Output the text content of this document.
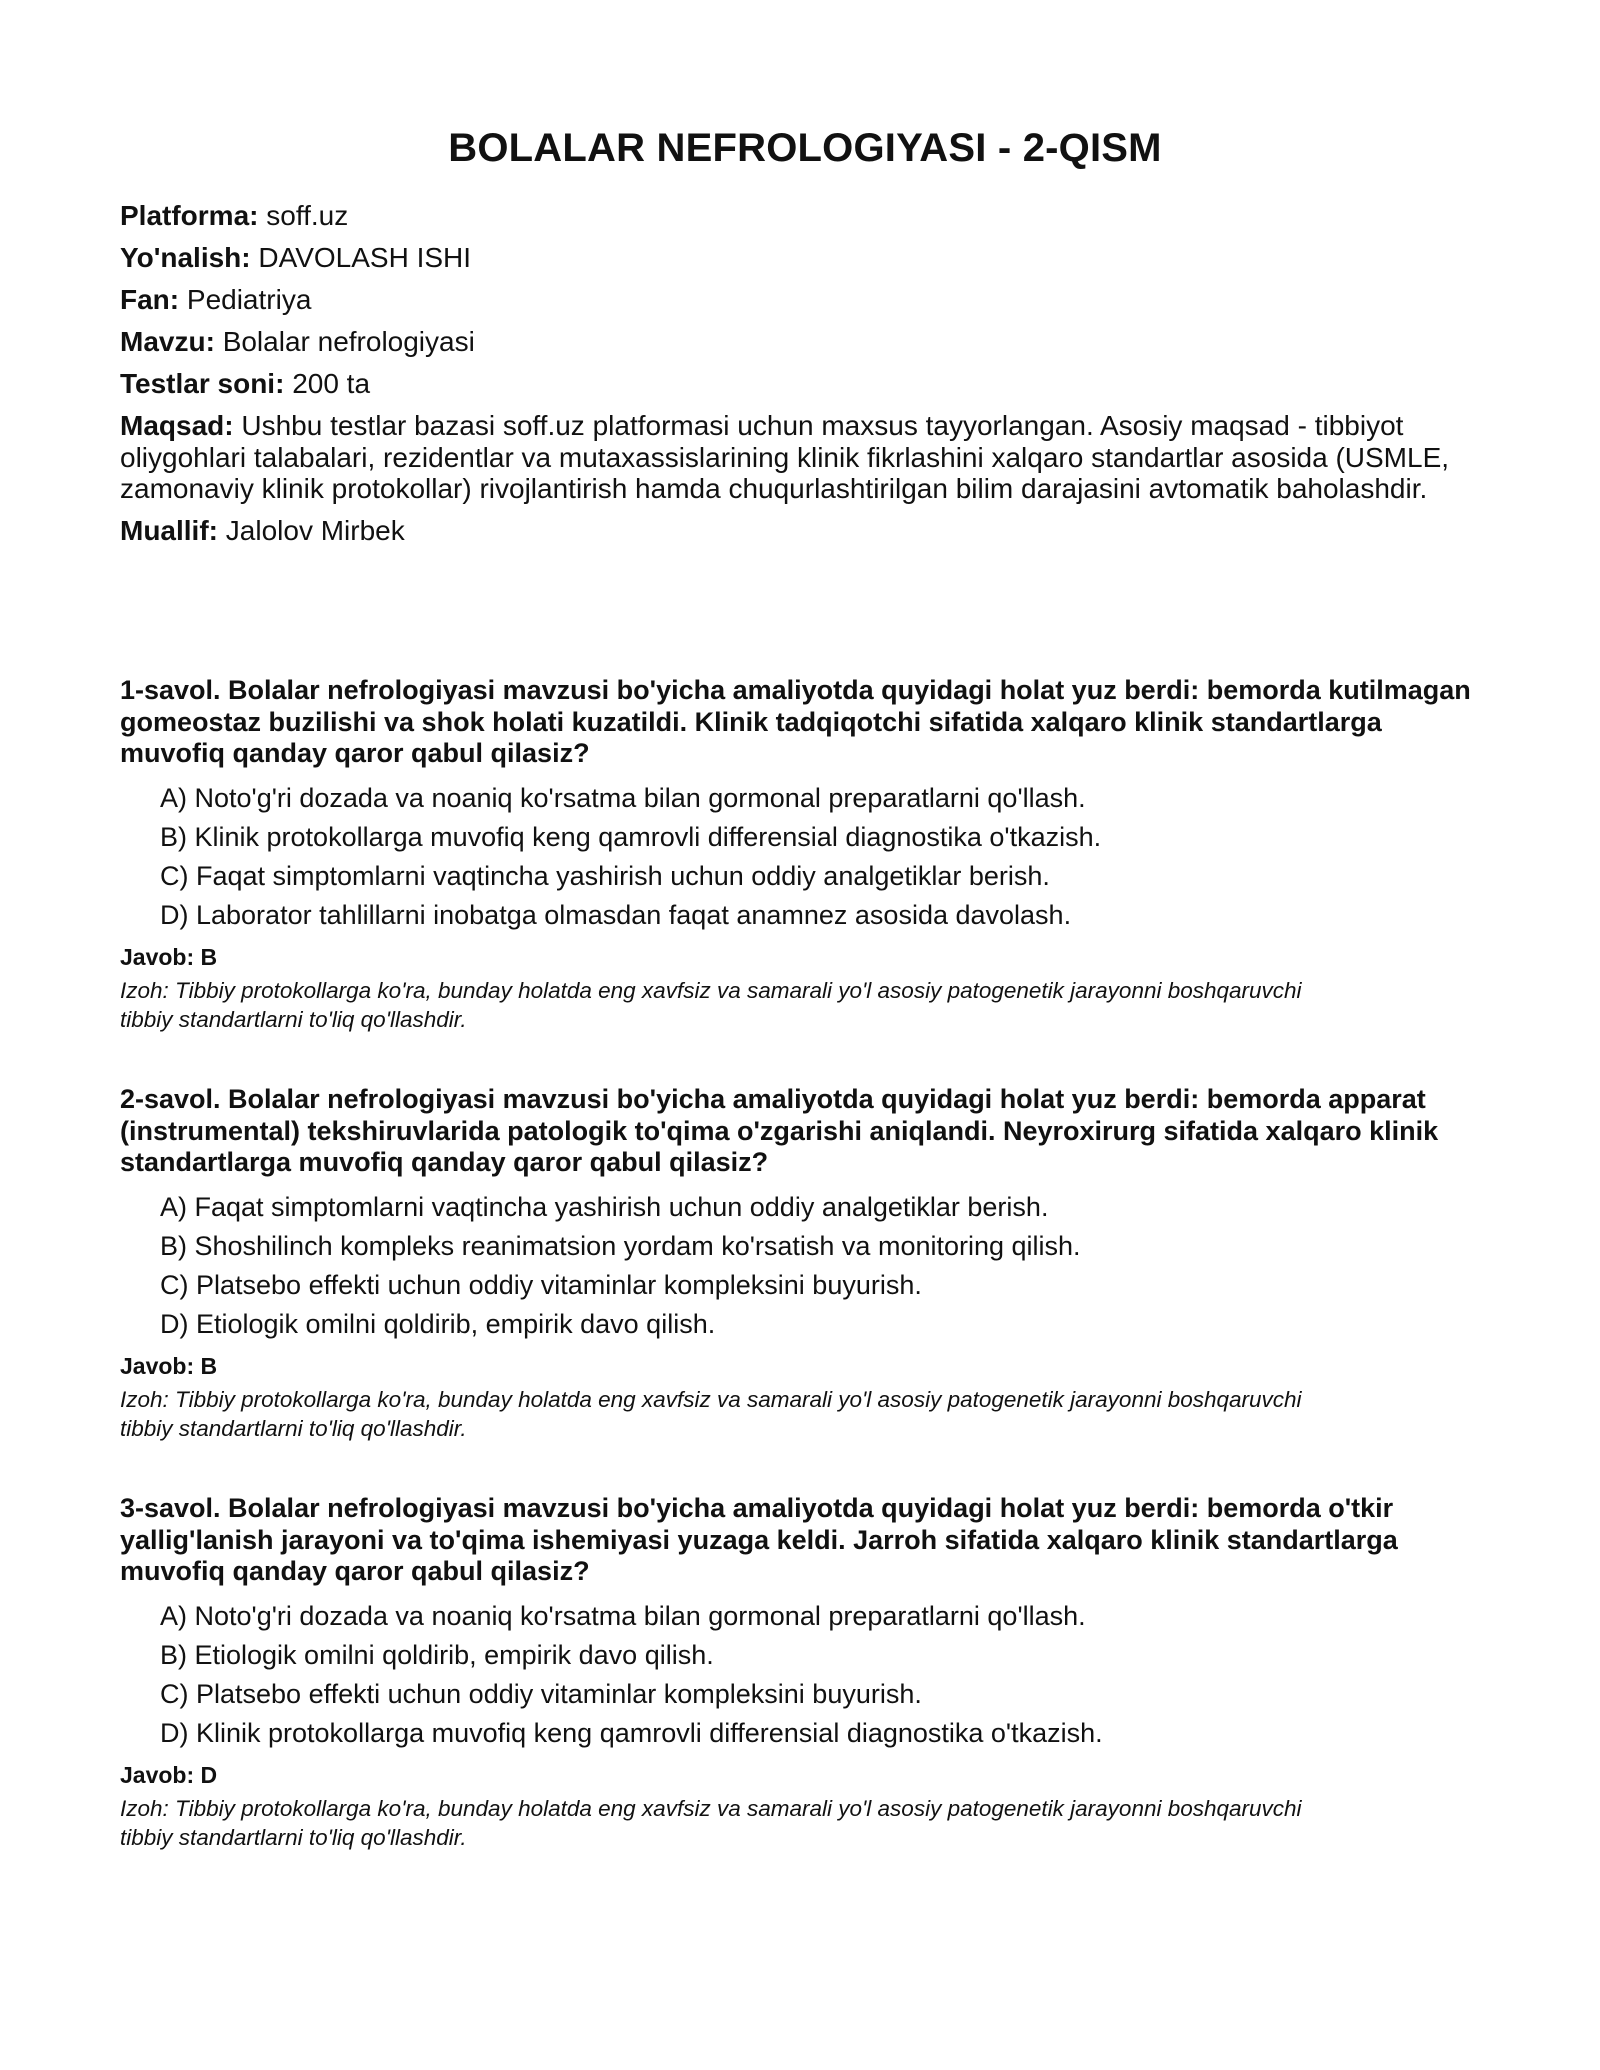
BOLALAR NEFROLOGIYASI - 2-QISM
Platforma: soff.uz
Yo'nalish: DAVOLASH ISHI
Fan: Pediatriya
Mavzu: Bolalar nefrologiyasi
Testlar soni: 200 ta
Maqsad: Ushbu testlar bazasi soff.uz platformasi uchun maxsus tayyorlangan. Asosiy maqsad - tibbiyot oliygohlari talabalari, rezidentlar va mutaxassislarining klinik fikrlashini xalqaro standartlar asosida (USMLE, zamonaviy klinik protokollar) rivojlantirish hamda chuqurlashtirilgan bilim darajasini avtomatik baholashdir.
Muallif: Jalolov Mirbek

1-savol. Bolalar nefrologiyasi mavzusi bo'yicha amaliyotda quyidagi holat yuz berdi: bemorda kutilmagan gomeostaz buzilishi va shok holati kuzatildi. Klinik tadqiqotchi sifatida xalqaro klinik standartlarga muvofiq qanday qaror qabul qilasiz?

A) Noto'g'ri dozada va noaniq ko'rsatma bilan gormonal preparatlarni qo'llash.
B) Klinik protokollarga muvofiq keng qamrovli differensial diagnostika o'tkazish.
C) Faqat simptomlarni vaqtincha yashirish uchun oddiy analgetiklar berish.
D) Laborator tahlillarni inobatga olmasdan faqat anamnez asosida davolash.

Javob: B

Izoh: Tibbiy protokollarga ko'ra, bunday holatda eng xavfsiz va samarali yo'l asosiy patogenetik jarayonni boshqaruvchi tibbiy standartlarni to'liq qo'llashdir.

2-savol. Bolalar nefrologiyasi mavzusi bo'yicha amaliyotda quyidagi holat yuz berdi: bemorda apparat (instrumental) tekshiruvlarida patologik to'qima o'zgarishi aniqlandi. Neyroxirurg sifatida xalqaro klinik standartlarga muvofiq qanday qaror qabul qilasiz?

A) Faqat simptomlarni vaqtincha yashirish uchun oddiy analgetiklar berish.
B) Shoshilinch kompleks reanimatsion yordam ko'rsatish va monitoring qilish.
C) Platsebo effekti uchun oddiy vitaminlar kompleksini buyurish.
D) Etiologik omilni qoldirib, empirik davo qilish.

Javob: B

Izoh: Tibbiy protokollarga ko'ra, bunday holatda eng xavfsiz va samarali yo'l asosiy patogenetik jarayonni boshqaruvchi tibbiy standartlarni to'liq qo'llashdir.

3-savol. Bolalar nefrologiyasi mavzusi bo'yicha amaliyotda quyidagi holat yuz berdi: bemorda o'tkir yallig'lanish jarayoni va to'qima ishemiyasi yuzaga keldi. Jarroh sifatida xalqaro klinik standartlarga muvofiq qanday qaror qabul qilasiz?

A) Noto'g'ri dozada va noaniq ko'rsatma bilan gormonal preparatlarni qo'llash.
B) Etiologik omilni qoldirib, empirik davo qilish.
C) Platsebo effekti uchun oddiy vitaminlar kompleksini buyurish.
D) Klinik protokollarga muvofiq keng qamrovli differensial diagnostika o'tkazish.

Javob: D

Izoh: Tibbiy protokollarga ko'ra, bunday holatda eng xavfsiz va samarali yo'l asosiy patogenetik jarayonni boshqaruvchi tibbiy standartlarni to'liq qo'llashdir.
